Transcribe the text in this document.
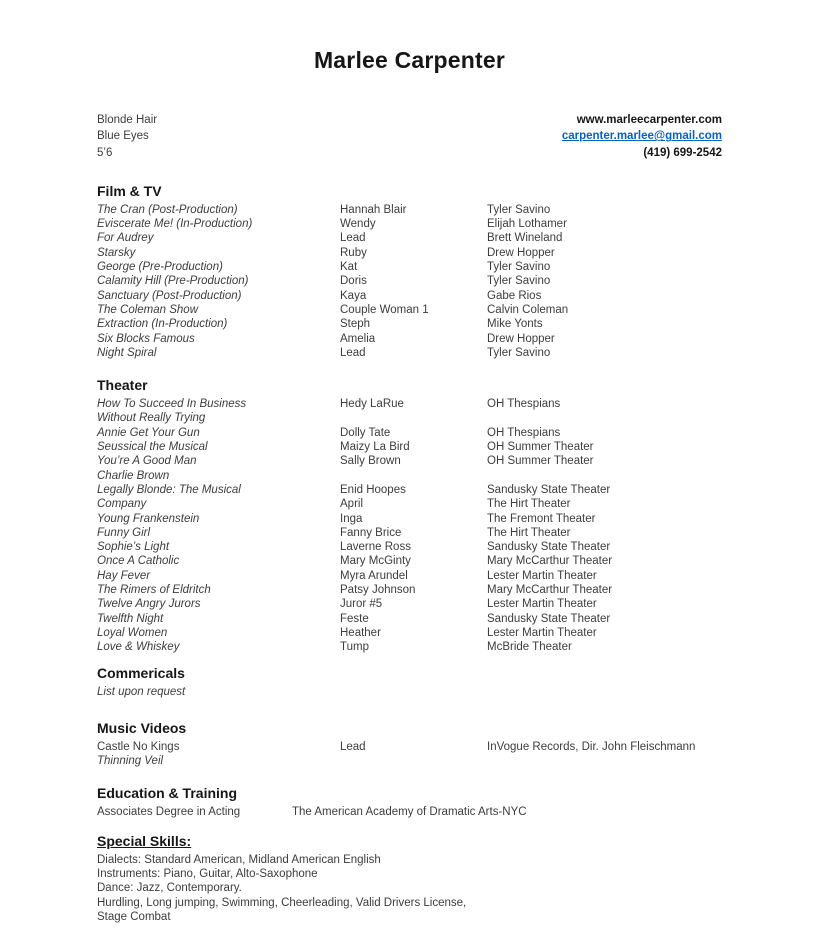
Marlee Carpenter
Blonde Hair
Blue Eyes
5’6
www.marleecarpenter.com
carpenter.marlee@gmail.com
(419) 699-2542
Film & TV
The Cran (Post-Production)	Hannah Blair	Tyler Savino
Eviscerate Me! (In-Production)	Wendy	Elijah Lothamer
For Audrey	Lead	Brett Wineland
Starsky	Ruby	Drew Hopper
George (Pre-Production)	Kat	Tyler Savino
Calamity Hill (Pre-Production)	Doris	Tyler Savino
Sanctuary (Post-Production)	Kaya	Gabe Rios
The Coleman Show	Couple Woman 1	Calvin Coleman
Extraction (In-Production)	Steph	Mike Yonts
Six Blocks Famous	Amelia	Drew Hopper
Night Spiral	Lead	Tyler Savino
Theater
How To Succeed In Business
Without Really Trying
Hedy LaRue	OH Thespians
Annie Get Your Gun	Dolly Tate	OH Thespians
Seussical the Musical	Maizy La Bird	OH Summer Theater
You’re A Good Man
Charlie Brown
Sally Brown	OH Summer Theater
Legally Blonde: The Musical	Enid Hoopes	Sandusky State Theater
Company	April	The Hirt Theater
Young Frankenstein	Inga	The Fremont Theater
Funny Girl	Fanny Brice	The Hirt Theater
Sophie’s Light	Laverne Ross	Sandusky State Theater
Once A Catholic	Mary McGinty	Mary McCarthur Theater
Hay Fever	Myra Arundel	Lester Martin Theater
The Rimers of Eldritch	Patsy Johnson	Mary McCarthur Theater
Twelve Angry Jurors	Juror #5	Lester Martin Theater
Twelfth Night	Feste	Sandusky State Theater
Loyal Women	Heather	Lester Martin Theater
Love & Whiskey	Tump	McBride Theater
Commericals
List upon request
Music Videos
Castle No Kings	Lead	InVogue Records, Dir. John Fleischmann
Thinning Veil
Education & Training
Associates Degree in Acting	The American Academy of Dramatic Arts-NYC
Special Skills:
Dialects: Standard American, Midland American English
Instruments: Piano, Guitar, Alto-Saxophone
Dance: Jazz, Contemporary.
Hurdling, Long jumping, Swimming, Cheerleading, Valid Drivers License,
Stage Combat
